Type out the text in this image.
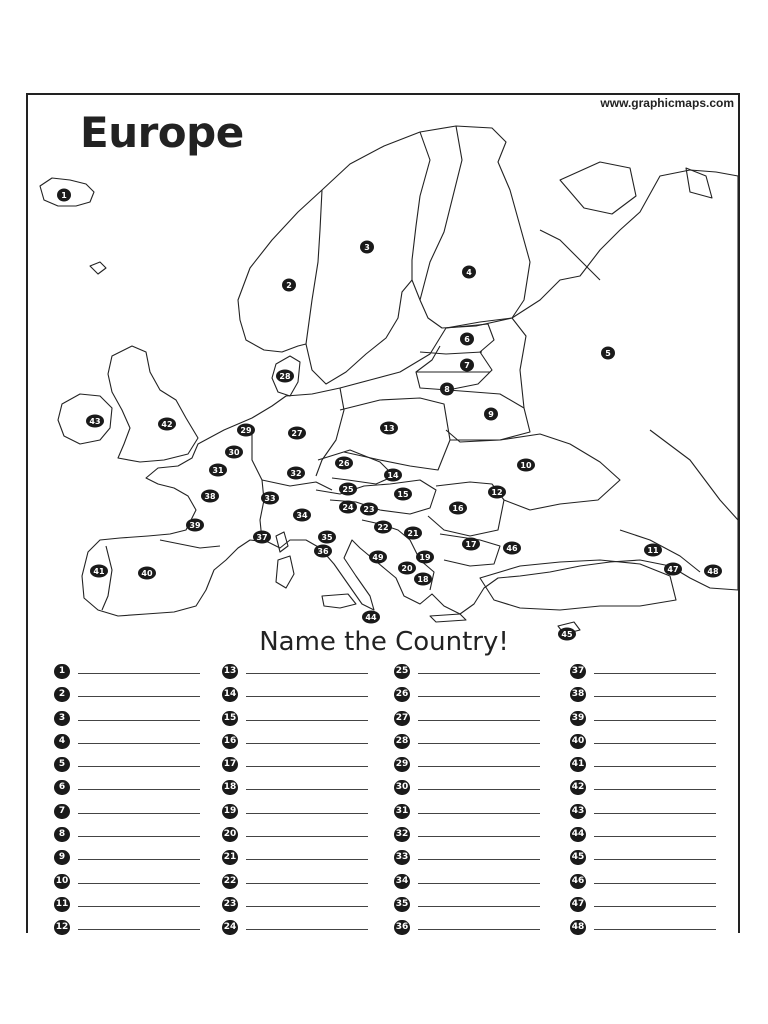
Europe
www.graphicmaps.com
1
2
3
4
5
6
7
8
9
10
11
12
13
14
15
16
17
18
19
20
21
22
23
24
25
26
27
28
29
30
31	32
33
34
35
36
37
38
39
40
41
42
43
44
45
46
47	48
49
Name the Country!
1
2
3
4
5
6
7
8
9
10
11
12
13
14
15
16
17
18
19
20
21
22
23
24
25
26
27
28
29
30
31
32
33
34
35
36
37
38
39
40
41
42
43
44
45
46
47
48
